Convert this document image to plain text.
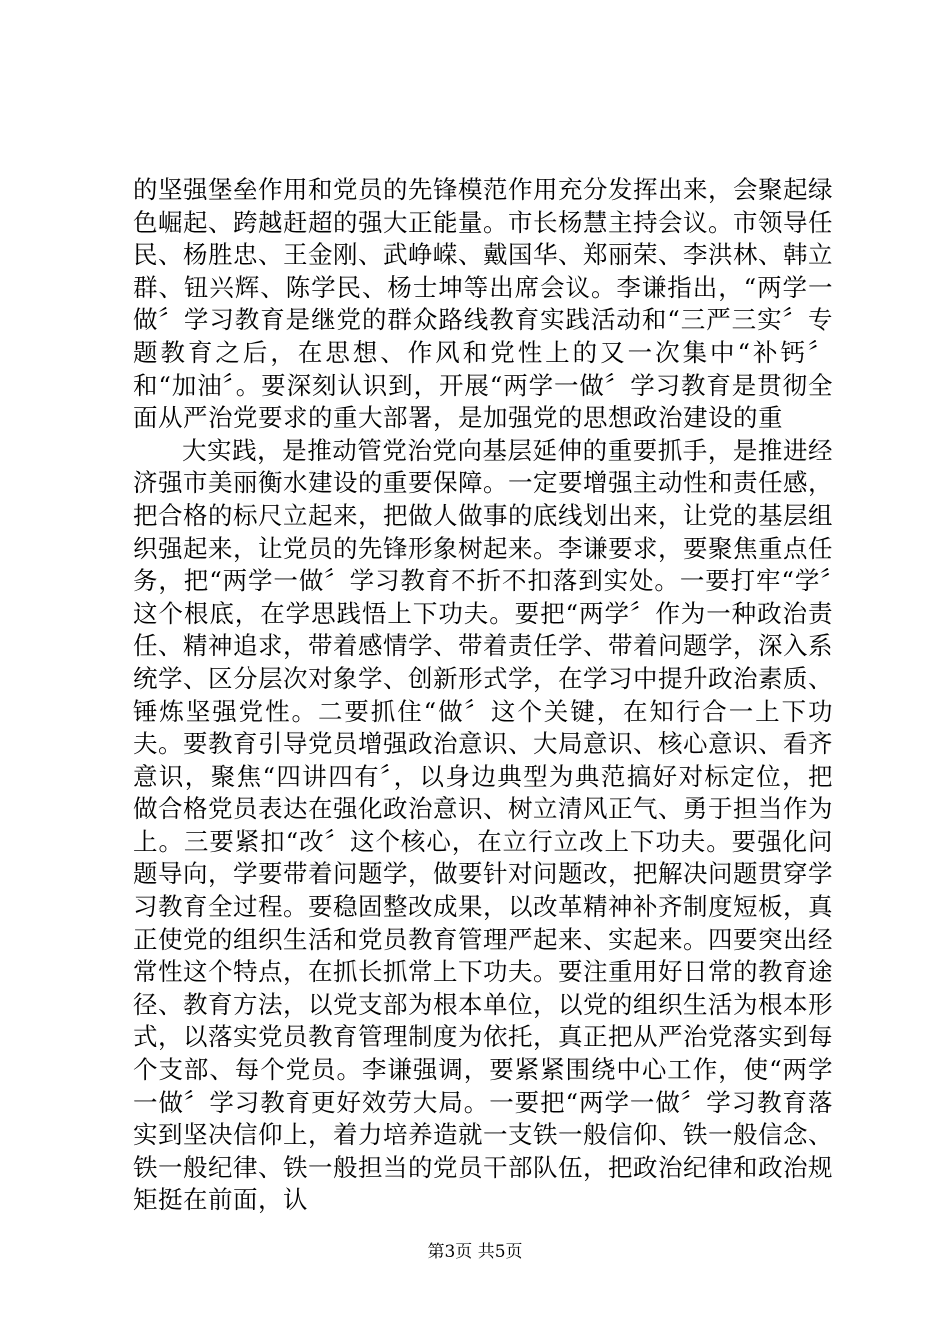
的坚强堡垒作用和党员的先锋模范作用充分发挥出来，会聚起绿色崛起、跨越赶超的强大正能量。市长杨慧主持会议。市领导任民、杨胜忠、王金刚、武峥嵘、戴国华、郑丽荣、李洪林、韩立群、钮兴辉、陈学民、杨士坤等出席会议。李谦指出，“两学一做〞学习教育是继党的群众路线教育实践活动和“三严三实〞专题教育之后，在思想、作风和党性上的又一次集中“补钙〞和“加油〞。要深刻认识到，开展“两学一做〞学习教育是贯彻全面从严治党要求的重大部署，是加强党的思想政治建设的重

大实践，是推动管党治党向基层延伸的重要抓手，是推进经济强市美丽衡水建设的重要保障。一定要增强主动性和责任感，把合格的标尺立起来，把做人做事的底线划出来，让党的基层组织强起来，让党员的先锋形象树起来。李谦要求，要聚焦重点任务，把“两学一做〞学习教育不折不扣落到实处。一要打牢“学〞这个根底，在学思践悟上下功夫。要把“两学〞作为一种政治责任、精神追求，带着感情学、带着责任学、带着问题学，深入系统学、区分层次对象学、创新形式学，在学习中提升政治素质、锤炼坚强党性。二要抓住“做〞这个关键，在知行合一上下功夫。要教育引导党员增强政治意识、大局意识、核心意识、看齐意识，聚焦“四讲四有〞，以身边典型为典范搞好对标定位，把做合格党员表达在强化政治意识、树立清风正气、勇于担当作为上。三要紧扣“改〞这个核心，在立行立改上下功夫。要强化问题导向，学要带着问题学，做要针对问题改，把解决问题贯穿学习教育全过程。要稳固整改成果，以改革精神补齐制度短板，真正使党的组织生活和党员教育管理严起来、实起来。四要突出经常性这个特点，在抓长抓常上下功夫。要注重用好日常的教育途径、教育方法，以党支部为根本单位，以党的组织生活为根本形式，以落实党员教育管理制度为依托，真正把从严治党落实到每个支部、每个党员。李谦强调，要紧紧围绕中心工作，使“两学一做〞学习教育更好效劳大局。一要把“两学一做〞学习教育落实到坚决信仰上，着力培养造就一支铁一般信仰、铁一般信念、铁一般纪律、铁一般担当的党员干部队伍，把政治纪律和政治规矩挺在前面，认

第3页 共5页
